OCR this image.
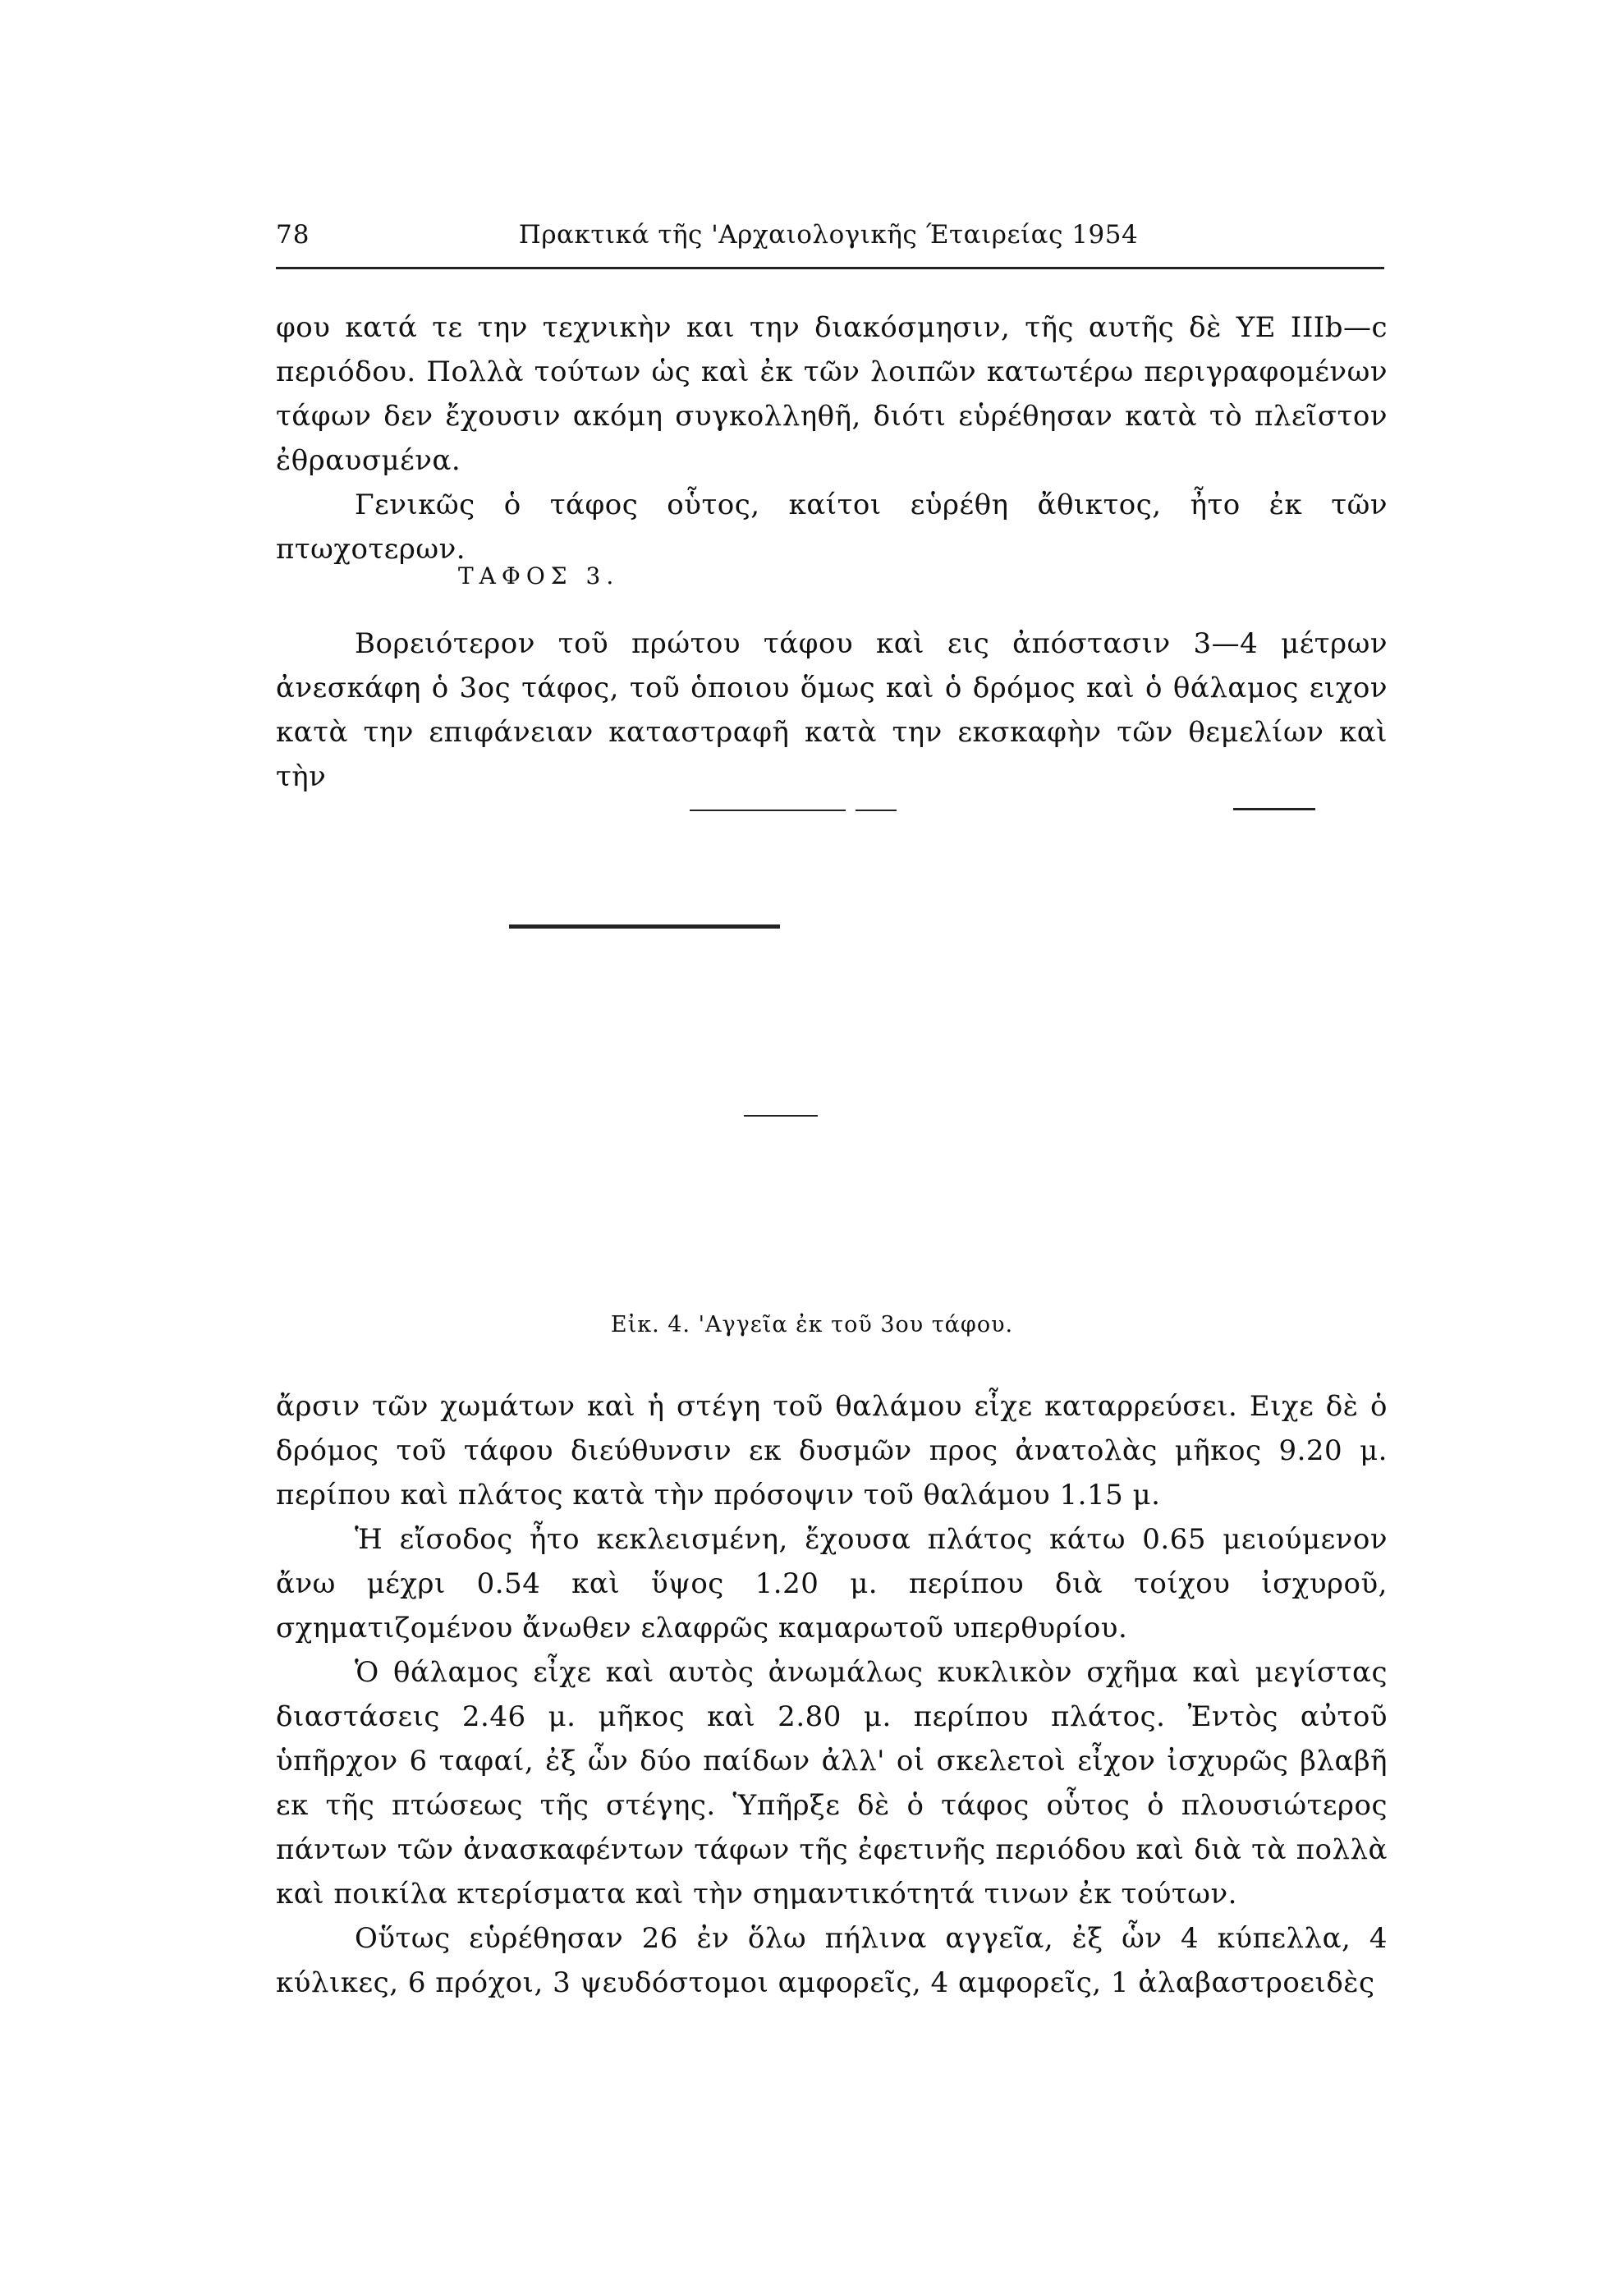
78	Πρακτικά τῆς 'Αρχαιολογικῆς Έταιρείας 1954

φου κατά τε την τεχνικὴν και την διακόσμησιν, τῆς αυτῆς δὲ ΥΕ ΙΙΙb—c περιόδου. Πολλὰ τούτων ὡς καὶ ἐκ τῶν λοιπῶν κατωτέρω περιγραφομένων τάφων δεν ἔχουσιν ακόμη συγκολληθῆ, διότι εὑρέθησαν κατὰ τὸ πλεῖστον ἐθραυσμένα.

Γενικῶς ὁ τάφος οὗτος, καίτοι εὑρέθη ἄθικτος, ἦτο ἐκ τῶν πτωχοτερων.

ΤΑΦΟΣ 3.

Βορειότερον τοῦ πρώτου τάφου καὶ εις ἀπόστασιν 3—4 μέτρων ἀνεσκάφη ὁ 3ος τάφος, τοῦ ὁποιου ὅμως καὶ ὁ δρόμος καὶ ὁ θάλαμος ειχον κατὰ την επιφάνειαν καταστραφῆ κατὰ την εκσκαφὴν τῶν θεμελίων καὶ τὴν

Εἰκ. 4. 'Αγγεῖα ἐκ τοῦ 3ου τάφου.

ἄρσιν τῶν χωμάτων καὶ ἡ στέγη τοῦ θαλάμου εἶχε καταρρεύσει. Ειχε δὲ ὁ δρόμος τοῦ τάφου διεύθυνσιν εκ δυσμῶν προς ἀνατολὰς μῆκος 9.20 μ. περίπου καὶ πλάτος κατὰ τὴν πρόσοψιν τοῦ θαλάμου 1.15 μ.

Ἡ εἴσοδος ἦτο κεκλεισμένη, ἔχουσα πλάτος κάτω 0.65 μειούμενον ἄνω μέχρι 0.54 καὶ ὕψος 1.20 μ. περίπου διὰ τοίχου ἰσχυροῦ, σχηματιζομένου ἄνωθεν ελαφρῶς καμαρωτοῦ υπερθυρίου.

Ὁ θάλαμος εἶχε καὶ αυτὸς ἀνωμάλως κυκλικὸν σχῆμα καὶ μεγίστας διαστάσεις 2.46 μ. μῆκος καὶ 2.80 μ. περίπου πλάτος. Ἐντὸς αὐτοῦ ὑπῆρχον 6 ταφαί, ἐξ ὧν δύο παίδων ἀλλ' οἱ σκελετοὶ εἶχον ἰσχυρῶς βλαβῆ εκ τῆς πτώσεως τῆς στέγης. Ὑπῆρξε δὲ ὁ τάφος οὗτος ὁ πλουσιώτερος πάντων τῶν ἀνασκαφέντων τάφων τῆς ἐφετινῆς περιόδου καὶ διὰ τὰ πολλὰ καὶ ποικίλα κτερίσματα καὶ τὴν σημαντικότητά τινων ἐκ τούτων.

Οὕτως εὑρέθησαν 26 ἐν ὅλω πήλινα αγγεῖα, ἐξ ὧν 4 κύπελλα, 4 κύλικες, 6 πρόχοι, 3 ψευδόστομοι αμφορεῖς, 4 αμφορεῖς, 1 ἀλαβαστροειδὲς
